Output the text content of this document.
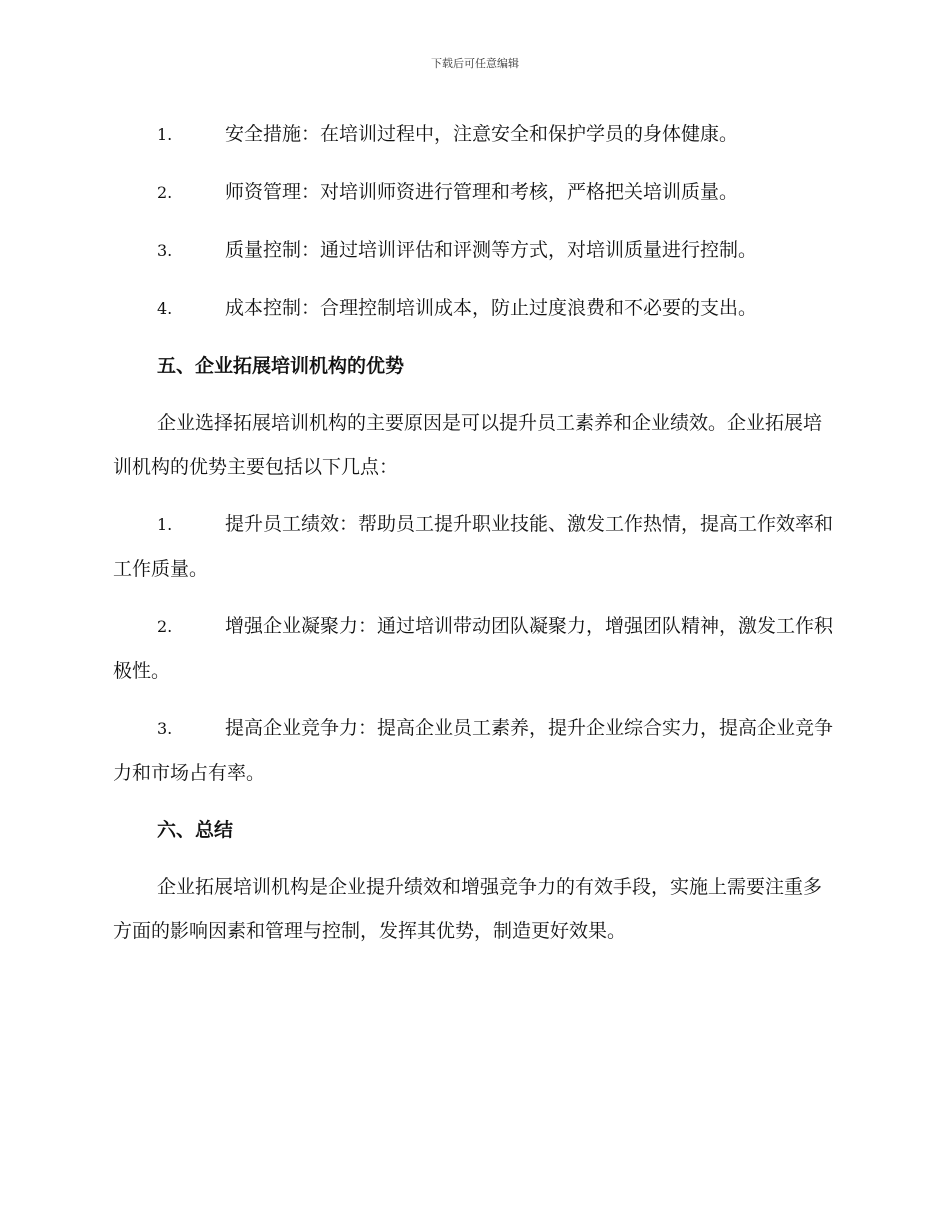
下载后可任意编辑

1.	安全措施：在培训过程中，注意安全和保护学员的身体健康。

2.	师资管理：对培训师资进行管理和考核，严格把关培训质量。

3.	质量控制：通过培训评估和评测等方式，对培训质量进行控制。

4.	成本控制：合理控制培训成本，防止过度浪费和不必要的支出。

五、企业拓展培训机构的优势

企业选择拓展培训机构的主要原因是可以提升员工素养和企业绩效。企业拓展培训机构的优势主要包括以下几点：

1.	提升员工绩效：帮助员工提升职业技能、激发工作热情，提高工作效率和工作质量。

2.	增强企业凝聚力：通过培训带动团队凝聚力，增强团队精神，激发工作积极性。

3.	提高企业竞争力：提高企业员工素养，提升企业综合实力，提高企业竞争力和市场占有率。

六、总结

企业拓展培训机构是企业提升绩效和增强竞争力的有效手段，实施上需要注重多方面的影响因素和管理与控制，发挥其优势，制造更好效果。
